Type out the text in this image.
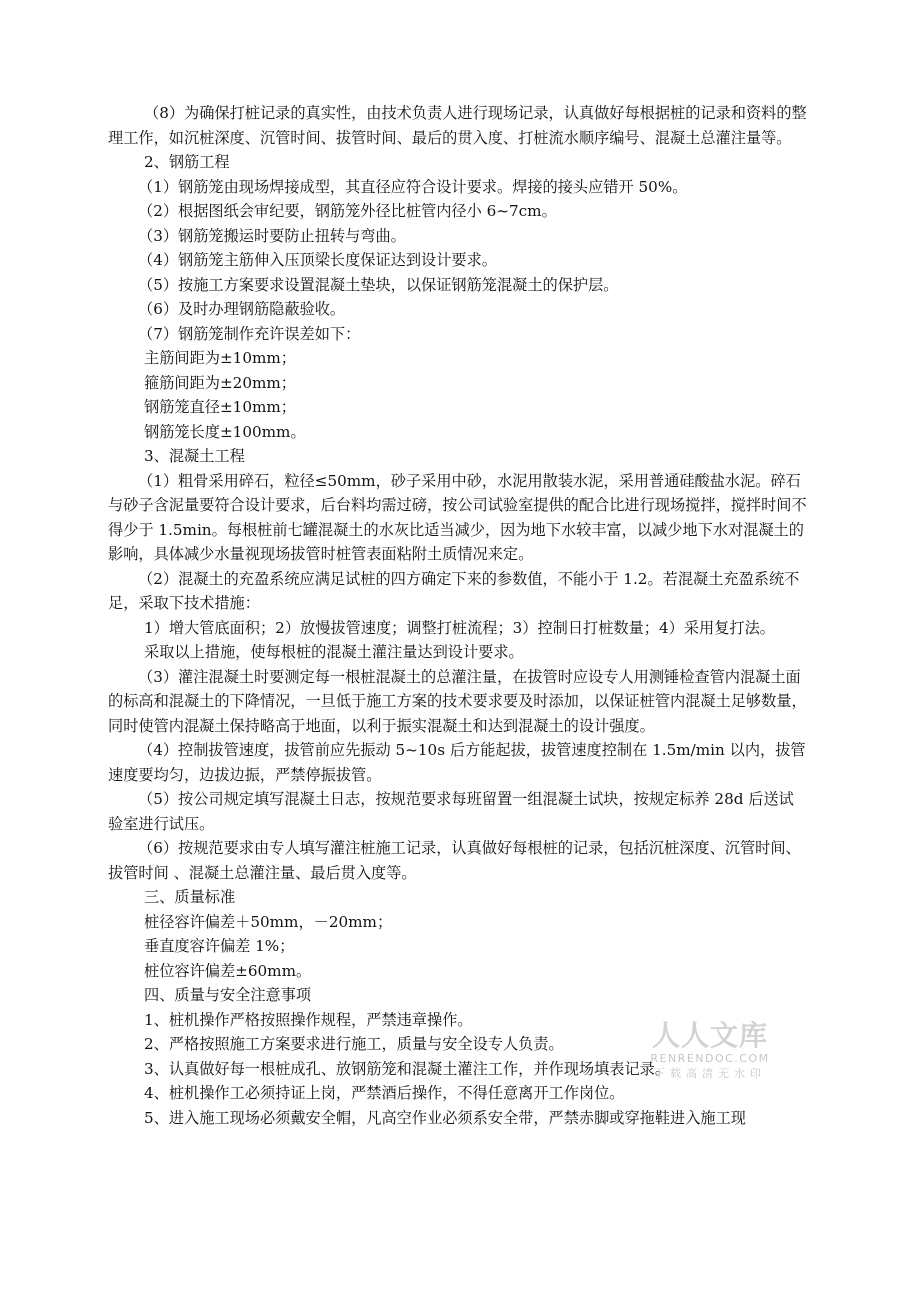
（8）为确保打桩记录的真实性，由技术负责人进行现场记录，认真做好每根据桩的记录和资料的整理工作，如沉桩深度、沉管时间、拔管时间、最后的贯入度、打桩流水顺序编号、混凝土总灌注量等。

2、钢筋工程

（1）钢筋笼由现场焊接成型，其直径应符合设计要求。焊接的接头应错开 50%。

（2）根据图纸会审纪要，钢筋笼外径比桩管内径小 6~7cm。

（3）钢筋笼搬运时要防止扭转与弯曲。

（4）钢筋笼主筋伸入压顶梁长度保证达到设计要求。

（5）按施工方案要求设置混凝土垫块，以保证钢筋笼混凝土的保护层。

（6）及时办理钢筋隐蔽验收。

（7）钢筋笼制作充许误差如下：

主筋间距为±10mm；

箍筋间距为±20mm；

钢筋笼直径±10mm；

钢筋笼长度±100mm。

3、混凝土工程

（1）粗骨采用碎石，粒径≤50mm，砂子采用中砂，水泥用散装水泥，采用普通硅酸盐水泥。碎石与砂子含泥量要符合设计要求，后台料均需过磅，按公司试验室提供的配合比进行现场搅拌，搅拌时间不得少于 1.5min。每根桩前七罐混凝土的水灰比适当减少，因为地下水较丰富，以减少地下水对混凝土的影响，具体减少水量视现场拔管时桩管表面粘附土质情况来定。

（2）混凝土的充盈系统应满足试桩的四方确定下来的参数值，不能小于 1.2。若混凝土充盈系统不足，采取下技术措施：

1）增大管底面积；2）放慢拔管速度；调整打桩流程；3）控制日打桩数量；4）采用复打法。

采取以上措施，使每根桩的混凝土灌注量达到设计要求。

（3）灌注混凝土时要测定每一根桩混凝土的总灌注量，在拔管时应设专人用测锤检查管内混凝土面的标高和混凝土的下降情况，一旦低于施工方案的技术要求要及时添加，以保证桩管内混凝土足够数量，同时使管内混凝土保持略高于地面，以利于振实混凝土和达到混凝土的设计强度。

（4）控制拔管速度，拔管前应先振动 5~10s 后方能起拔，拔管速度控制在 1.5m/min 以内，拔管速度要均匀，边拔边振，严禁停振拔管。

（5）按公司规定填写混凝土日志，按规范要求每班留置一组混凝土试块，按规定标养 28d 后送试验室进行试压。

（6）按规范要求由专人填写灌注桩施工记录，认真做好每根桩的记录，包括沉桩深度、沉管时间、拔管时间 、混凝土总灌注量、最后贯入度等。

三、质量标准

桩径容许偏差＋50mm，－20mm；

垂直度容许偏差 1%；

桩位容许偏差±60mm。

四、质量与安全注意事项

1、桩机操作严格按照操作规程，严禁违章操作。

2、严格按照施工方案要求进行施工，质量与安全设专人负责。

3、认真做好每一根桩成孔、放钢筋笼和混凝土灌注工作，并作现场填表记录。

4、桩机操作工必须持证上岗，严禁酒后操作，不得任意离开工作岗位。

5、进入施工现场必须戴安全帽，凡高空作业必须系安全带，严禁赤脚或穿拖鞋进入施工现

人人文库
RENRENDOC.COM
下载高清无水印
